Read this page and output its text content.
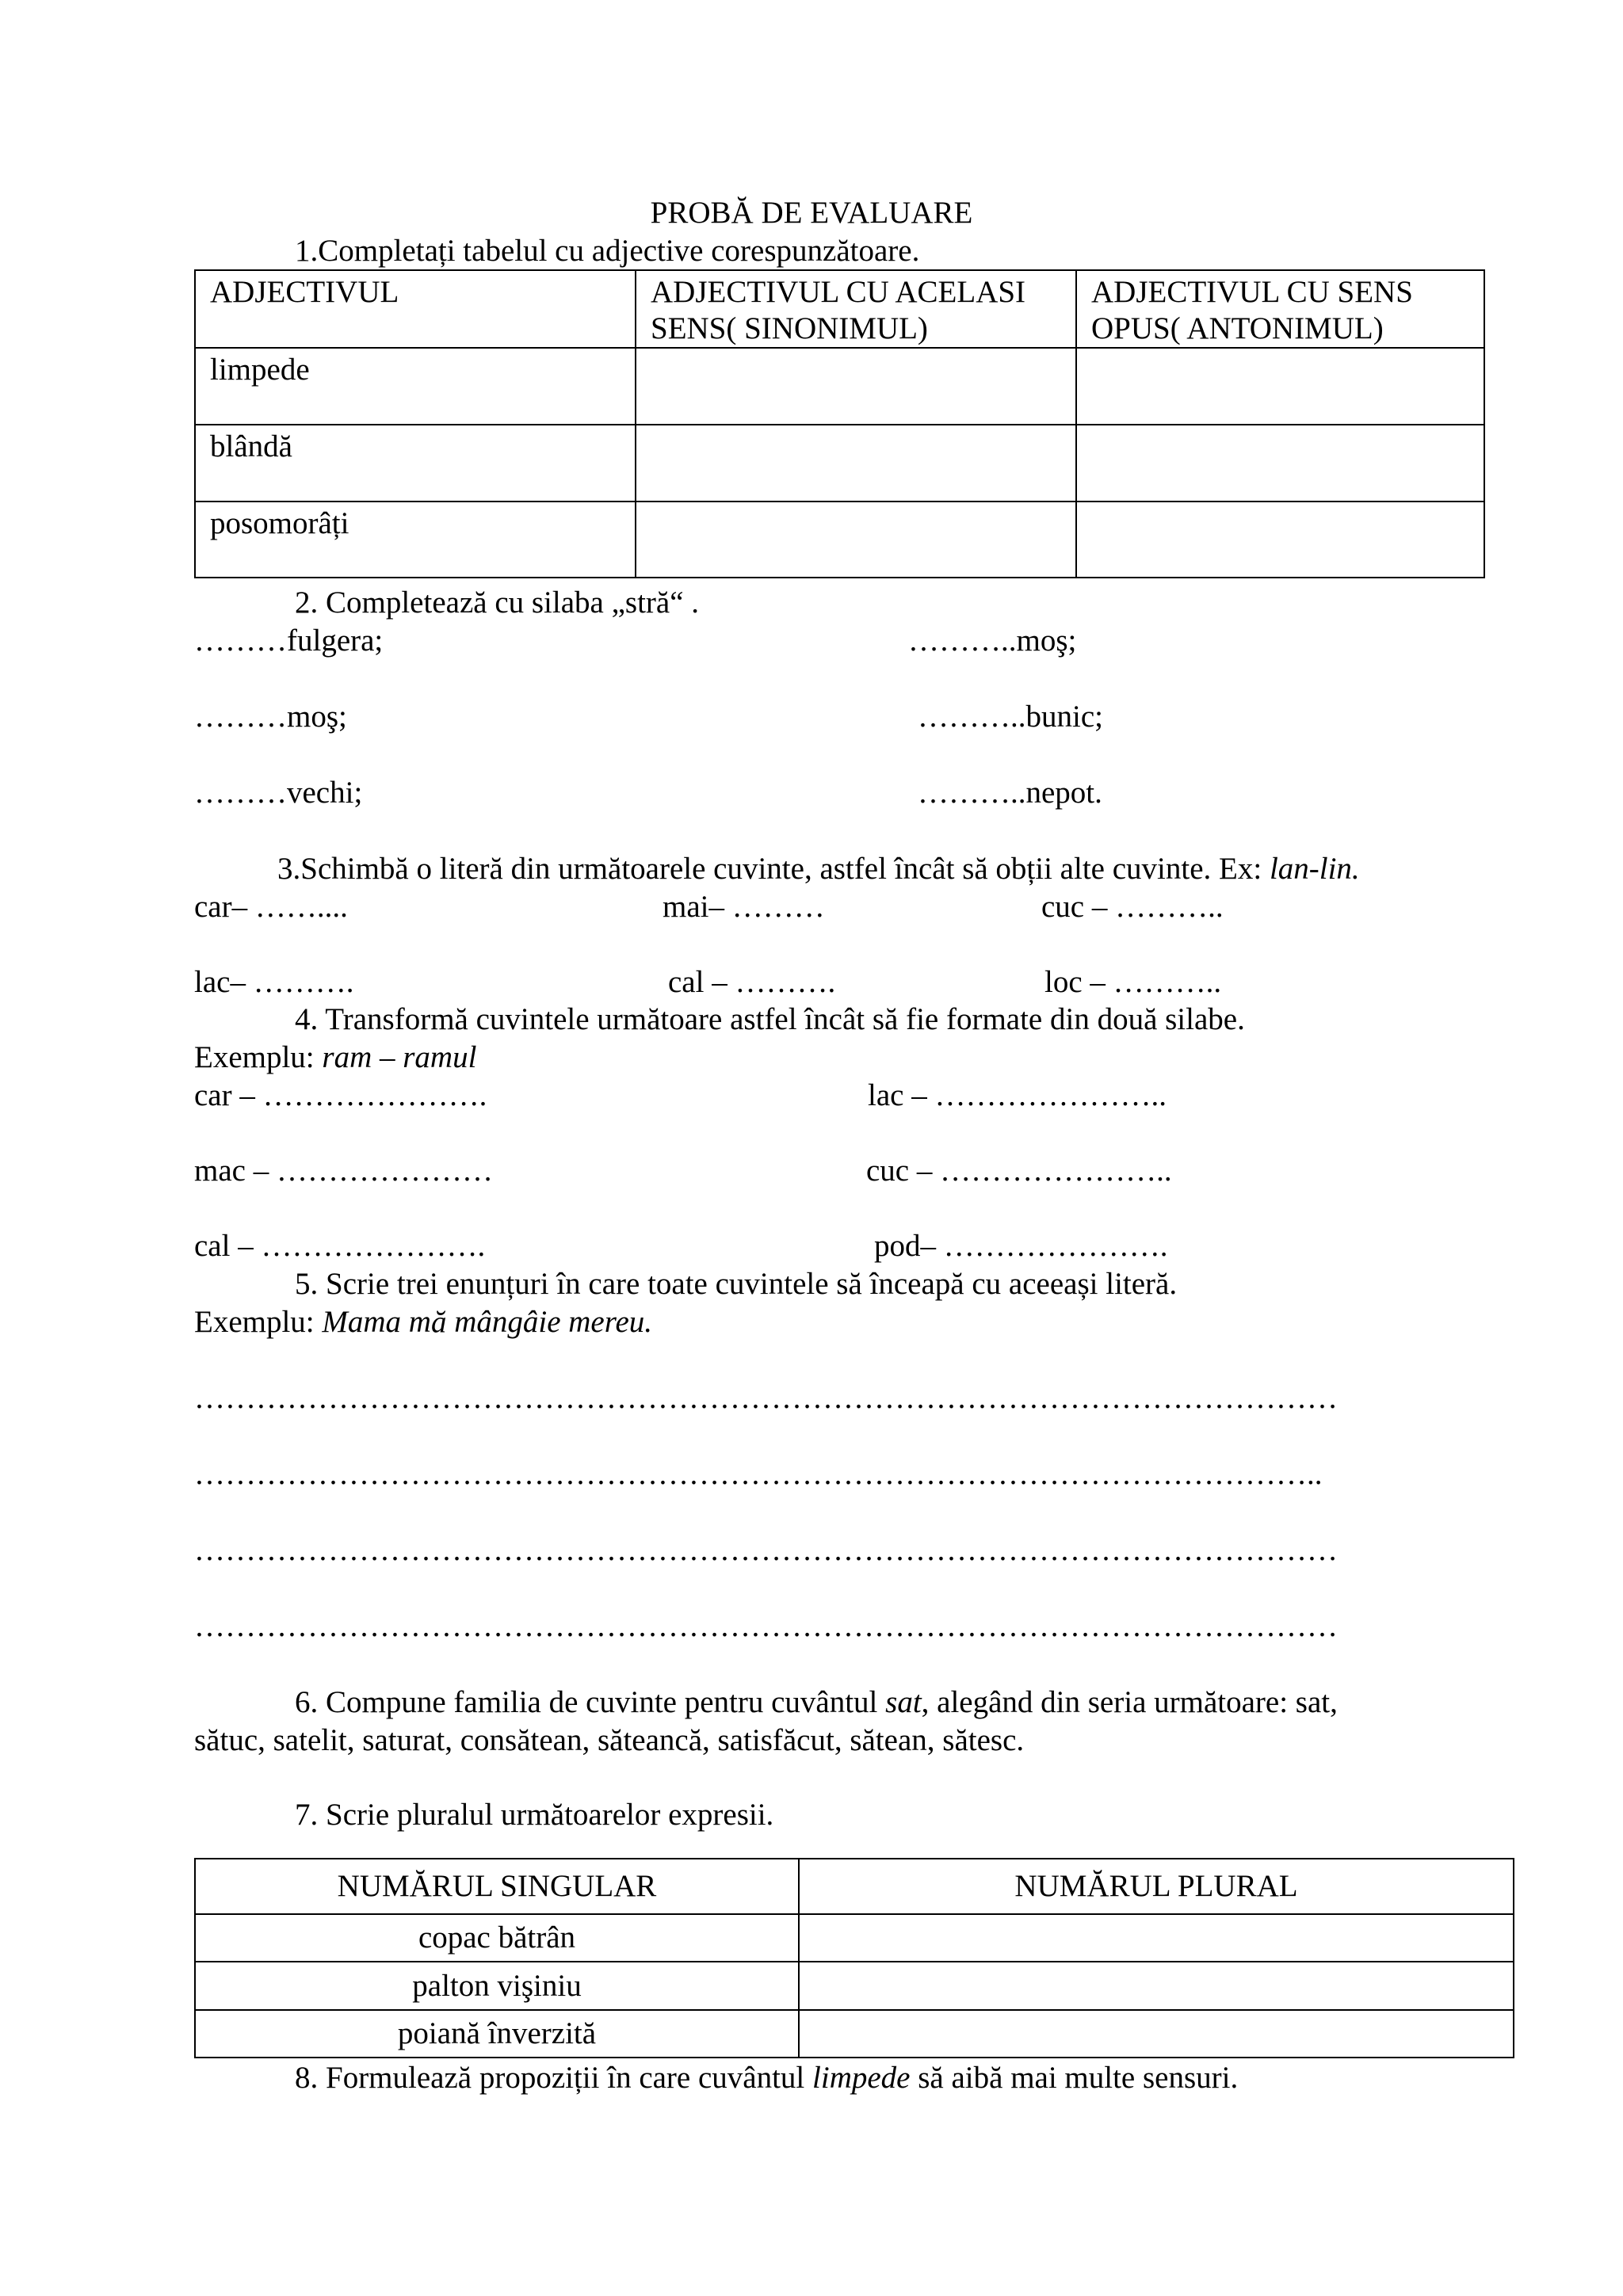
PROBĂ DE EVALUARE
1.Completați tabelul cu adjective corespunzătoare.
ADJECTIVUL	ADJECTIVUL CU ACELASI SENS( SINONIMUL)	ADJECTIVUL CU SENS OPUS( ANTONIMUL)
limpede		
blândă		
posomorâți		
2. Completează cu silaba „stră“ .
………fulgera;	………..moş;
………moş;	………..bunic;
………vechi;	………..nepot.
3.Schimbă o literă din următoarele cuvinte, astfel încât să obții alte cuvinte. Ex: lan-lin.
car– ……....	mai– ………	cuc – ………..
lac– ……….	cal – ……….	loc – ………..
4. Transformă cuvintele următoare astfel încât să fie formate din două silabe.
Exemplu: ram – ramul
car – ………………….	lac – …………………..
mac – …………………	cuc – …………………..
cal – ………………….	pod– ………………….
5. Scrie trei enunțuri în care toate cuvintele să înceapă cu aceeași literă.
Exemplu: Mama mă mângâie mereu.
…………………………………………………………………………………………………
………………………………………………………………………………………………..
…………………………………………………………………………………………………
…………………………………………………………………………………………………
6. Compune familia de cuvinte pentru cuvântul sat, alegând din seria următoare: sat,
sătuc, satelit, saturat, consătean, săteancă, satisfăcut, sătean, sătesc.
7. Scrie pluralul următoarelor expresii.
NUMĂRUL SINGULAR	NUMĂRUL PLURAL
copac bătrân	
palton vişiniu	
poiană înverzită	
8. Formulează propoziții în care cuvântul limpede să aibă mai multe sensuri.
